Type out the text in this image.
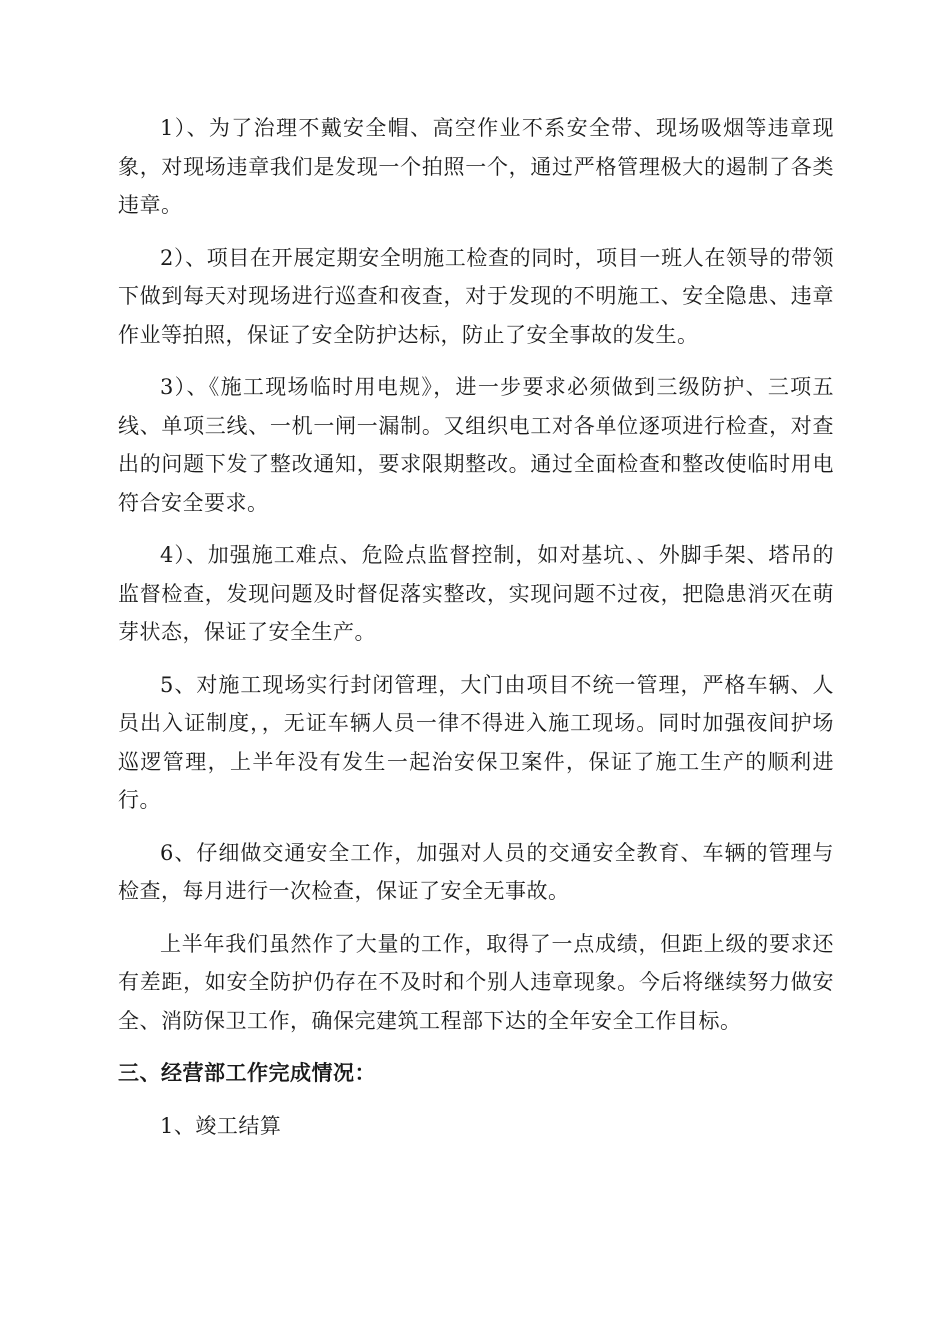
1）、为了治理不戴安全帽、高空作业不系安全带、现场吸烟等违章现象，对现场违章我们是发现一个拍照一个，通过严格管理极大的遏制了各类违章。

2）、项目在开展定期安全明施工检查的同时，项目一班人在领导的带领下做到每天对现场进行巡查和夜查，对于发现的不明施工、安全隐患、违章作业等拍照，保证了安全防护达标，防止了安全事故的发生。

3）、《施工现场临时用电规》，进一步要求必须做到三级防护、三项五线、单项三线、一机一闸一漏制。又组织电工对各单位逐项进行检查，对查出的问题下发了整改通知，要求限期整改。通过全面检查和整改使临时用电符合安全要求。

4）、加强施工难点、危险点监督控制，如对基坑、、外脚手架、塔吊的监督检查，发现问题及时督促落实整改，实现问题不过夜，把隐患消灭在萌芽状态，保证了安全生产。

5、对施工现场实行封闭管理，大门由项目不统一管理，严格车辆、人员出入证制度，，无证车辆人员一律不得进入施工现场。同时加强夜间护场巡逻管理，上半年没有发生一起治安保卫案件，保证了施工生产的顺利进行。

6、仔细做交通安全工作，加强对人员的交通安全教育、车辆的管理与检查，每月进行一次检查，保证了安全无事故。

上半年我们虽然作了大量的工作，取得了一点成绩，但距上级的要求还有差距，如安全防护仍存在不及时和个别人违章现象。今后将继续努力做安全、消防保卫工作，确保完建筑工程部下达的全年安全工作目标。

三、经营部工作完成情况：

1、竣工结算
